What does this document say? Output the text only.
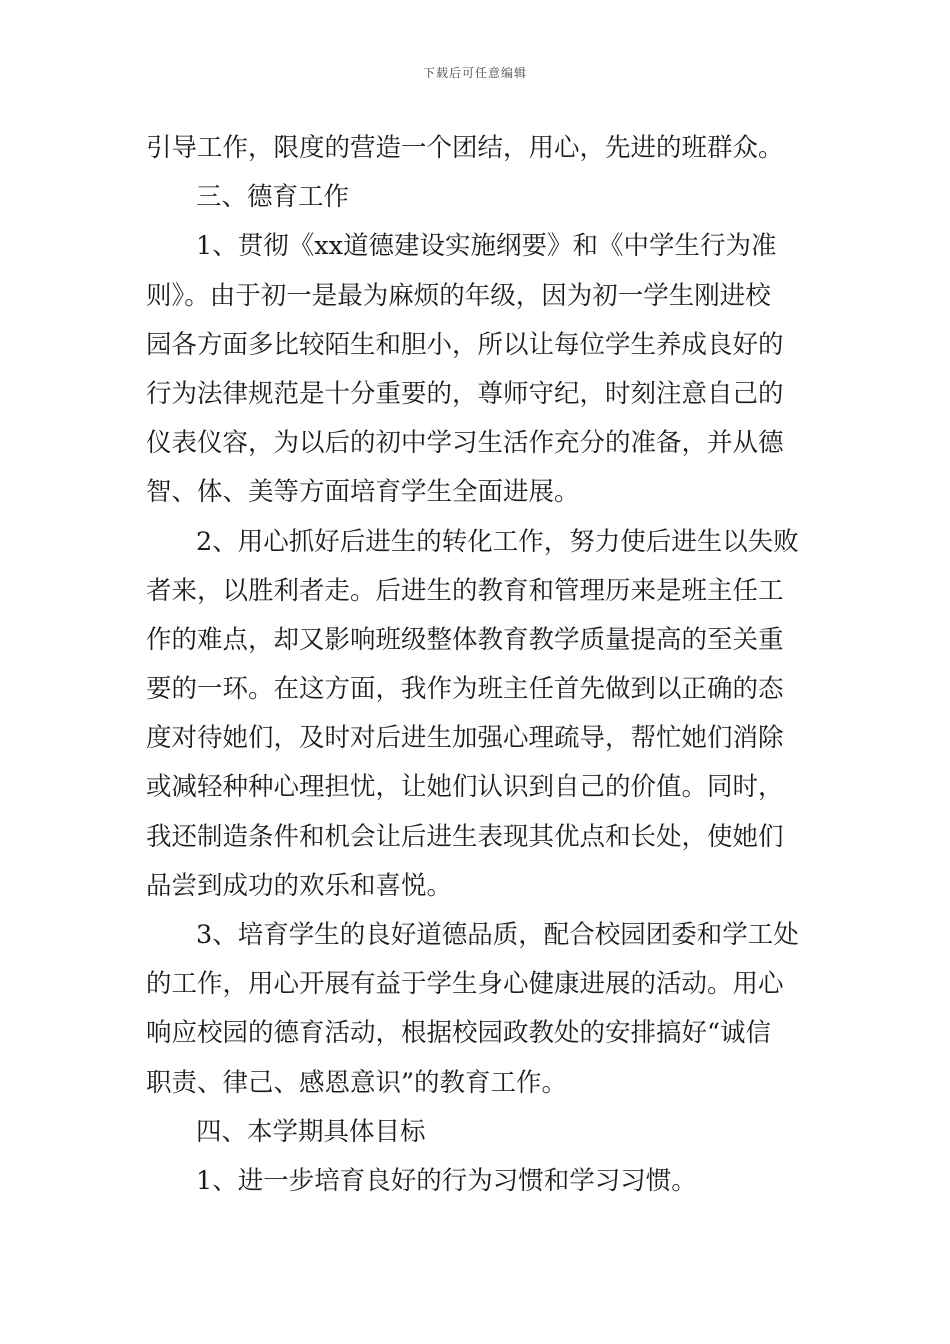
下载后可任意编辑
引导工作，限度的营造一个团结，用心，先进的班群众。
三、德育工作
1、贯彻《xx道德建设实施纲要》和《中学生行为准
则》。由于初一是最为麻烦的年级，因为初一学生刚进校
园各方面多比较陌生和胆小，所以让每位学生养成良好的
行为法律规范是十分重要的，尊师守纪，时刻注意自己的
仪表仪容，为以后的初中学习生活作充分的准备，并从德
智、体、美等方面培育学生全面进展。
2、用心抓好后进生的转化工作，努力使后进生以失败
者来，以胜利者走。后进生的教育和管理历来是班主任工
作的难点，却又影响班级整体教育教学质量提高的至关重
要的一环。在这方面，我作为班主任首先做到以正确的态
度对待她们，及时对后进生加强心理疏导，帮忙她们消除
或减轻种种心理担忧，让她们认识到自己的价值。同时，
我还制造条件和机会让后进生表现其优点和长处，使她们
品尝到成功的欢乐和喜悦。
3、培育学生的良好道德品质，配合校园团委和学工处
的工作，用心开展有益于学生身心健康进展的活动。用心
响应校园的德育活动，根据校园政教处的安排搞好“诚信
职责、律己、感恩意识”的教育工作。
四、本学期具体目标
1、进一步培育良好的行为习惯和学习习惯。
